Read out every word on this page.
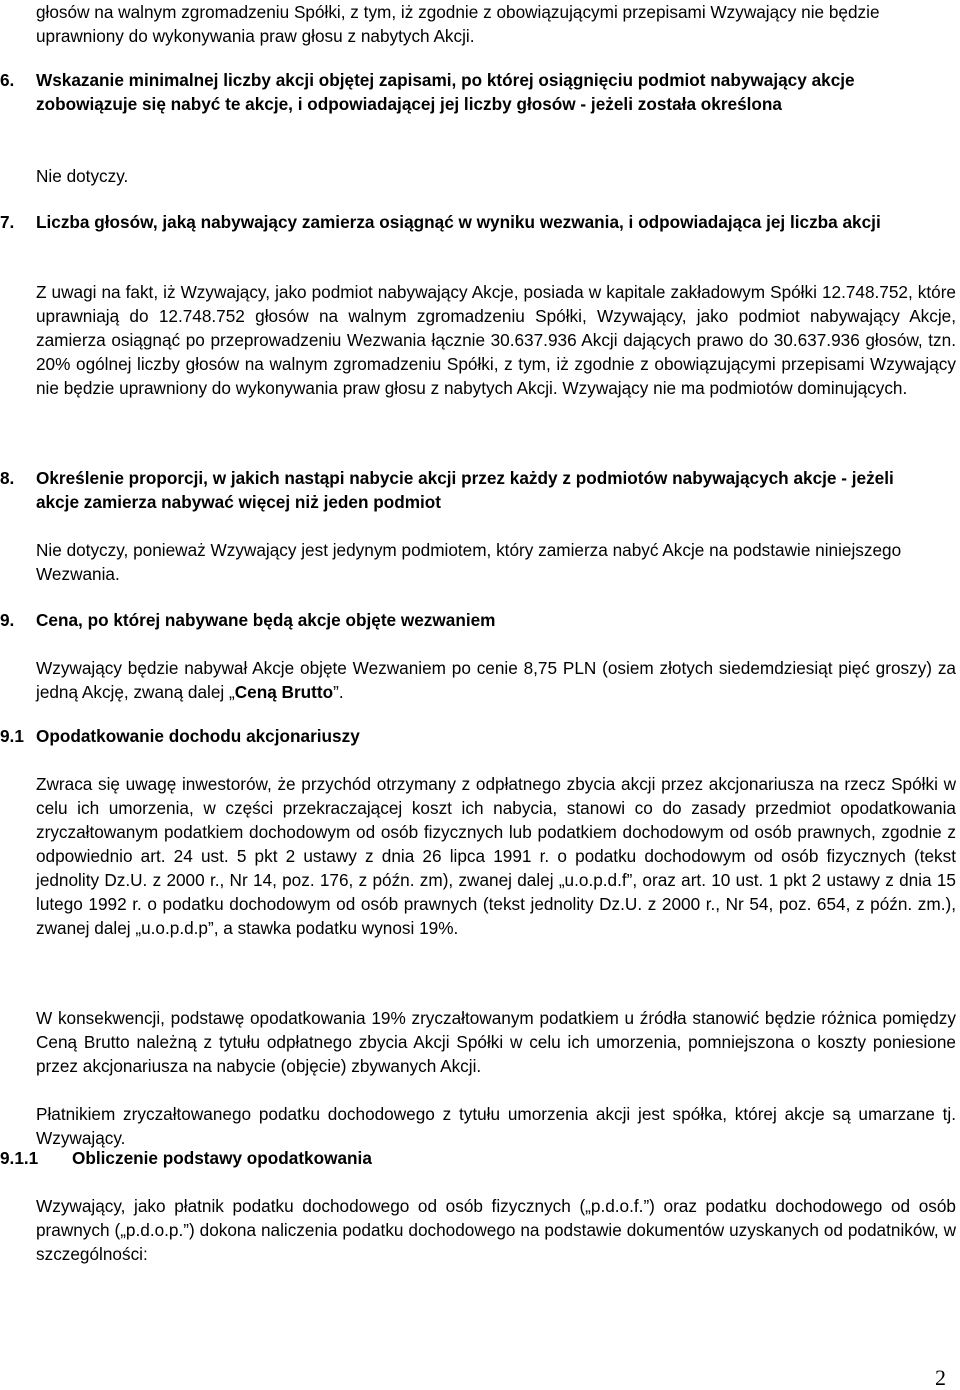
głosów na walnym zgromadzeniu Spółki, z tym, iż zgodnie z obowiązującymi przepisami Wzywający nie będzie uprawniony do wykonywania praw głosu z nabytych Akcji.

6. Wskazanie minimalnej liczby akcji objętej zapisami, po której osiągnięciu podmiot nabywający akcje zobowiązuje się nabyć te akcje, i odpowiadającej jej liczby głosów - jeżeli została określona

Nie dotyczy.

7. Liczba głosów, jaką nabywający zamierza osiągnąć w wyniku wezwania, i odpowiadająca jej liczba akcji

Z uwagi na fakt, iż Wzywający, jako podmiot nabywający Akcje, posiada w kapitale zakładowym Spółki 12.748.752, które uprawniają do 12.748.752 głosów na walnym zgromadzeniu Spółki, Wzywający, jako podmiot nabywający Akcje, zamierza osiągnąć po przeprowadzeniu Wezwania łącznie 30.637.936 Akcji dających prawo do 30.637.936 głosów, tzn. 20% ogólnej liczby głosów na walnym zgromadzeniu Spółki, z tym, iż zgodnie z obowiązującymi przepisami Wzywający nie będzie uprawniony do wykonywania praw głosu z nabytych Akcji. Wzywający nie ma podmiotów dominujących.

8. Określenie proporcji, w jakich nastąpi nabycie akcji przez każdy z podmiotów nabywających akcje - jeżeli akcje zamierza nabywać więcej niż jeden podmiot

Nie dotyczy, ponieważ Wzywający jest jedynym podmiotem, który zamierza nabyć Akcje na podstawie niniejszego Wezwania.

9. Cena, po której nabywane będą akcje objęte wezwaniem

Wzywający będzie nabywał Akcje objęte Wezwaniem po cenie 8,75 PLN (osiem złotych siedemdziesiąt pięć groszy) za jedną Akcję, zwaną dalej „Ceną Brutto”.

9.1 Opodatkowanie dochodu akcjonariuszy

Zwraca się uwagę inwestorów, że przychód otrzymany z odpłatnego zbycia akcji przez akcjonariusza na rzecz Spółki w celu ich umorzenia, w części przekraczającej koszt ich nabycia, stanowi co do zasady przedmiot opodatkowania zryczałtowanym podatkiem dochodowym od osób fizycznych lub podatkiem dochodowym od osób prawnych, zgodnie z odpowiednio art. 24 ust. 5 pkt 2 ustawy z dnia 26 lipca 1991 r. o podatku dochodowym od osób fizycznych (tekst jednolity Dz.U. z 2000 r., Nr 14, poz. 176, z późn. zm), zwanej dalej „u.o.p.d.f”, oraz art. 10 ust. 1 pkt 2 ustawy z dnia 15 lutego 1992 r. o podatku dochodowym od osób prawnych (tekst jednolity Dz.U. z 2000 r., Nr 54, poz. 654, z późn. zm.), zwanej dalej „u.o.p.d.p”, a stawka podatku wynosi 19%.

W konsekwencji, podstawę opodatkowania 19% zryczałtowanym podatkiem u źródła stanowić będzie różnica pomiędzy Ceną Brutto należną z tytułu odpłatnego zbycia Akcji Spółki w celu ich umorzenia, pomniejszona o koszty poniesione przez akcjonariusza na nabycie (objęcie) zbywanych Akcji.

Płatnikiem zryczałtowanego podatku dochodowego z tytułu umorzenia akcji jest spółka, której akcje są umarzane tj. Wzywający.

9.1.1 Obliczenie podstawy opodatkowania

Wzywający, jako płatnik podatku dochodowego od osób fizycznych („p.d.o.f.”) oraz podatku dochodowego od osób prawnych („p.d.o.p.”) dokona naliczenia podatku dochodowego na podstawie dokumentów uzyskanych od podatników, w szczególności:

2
